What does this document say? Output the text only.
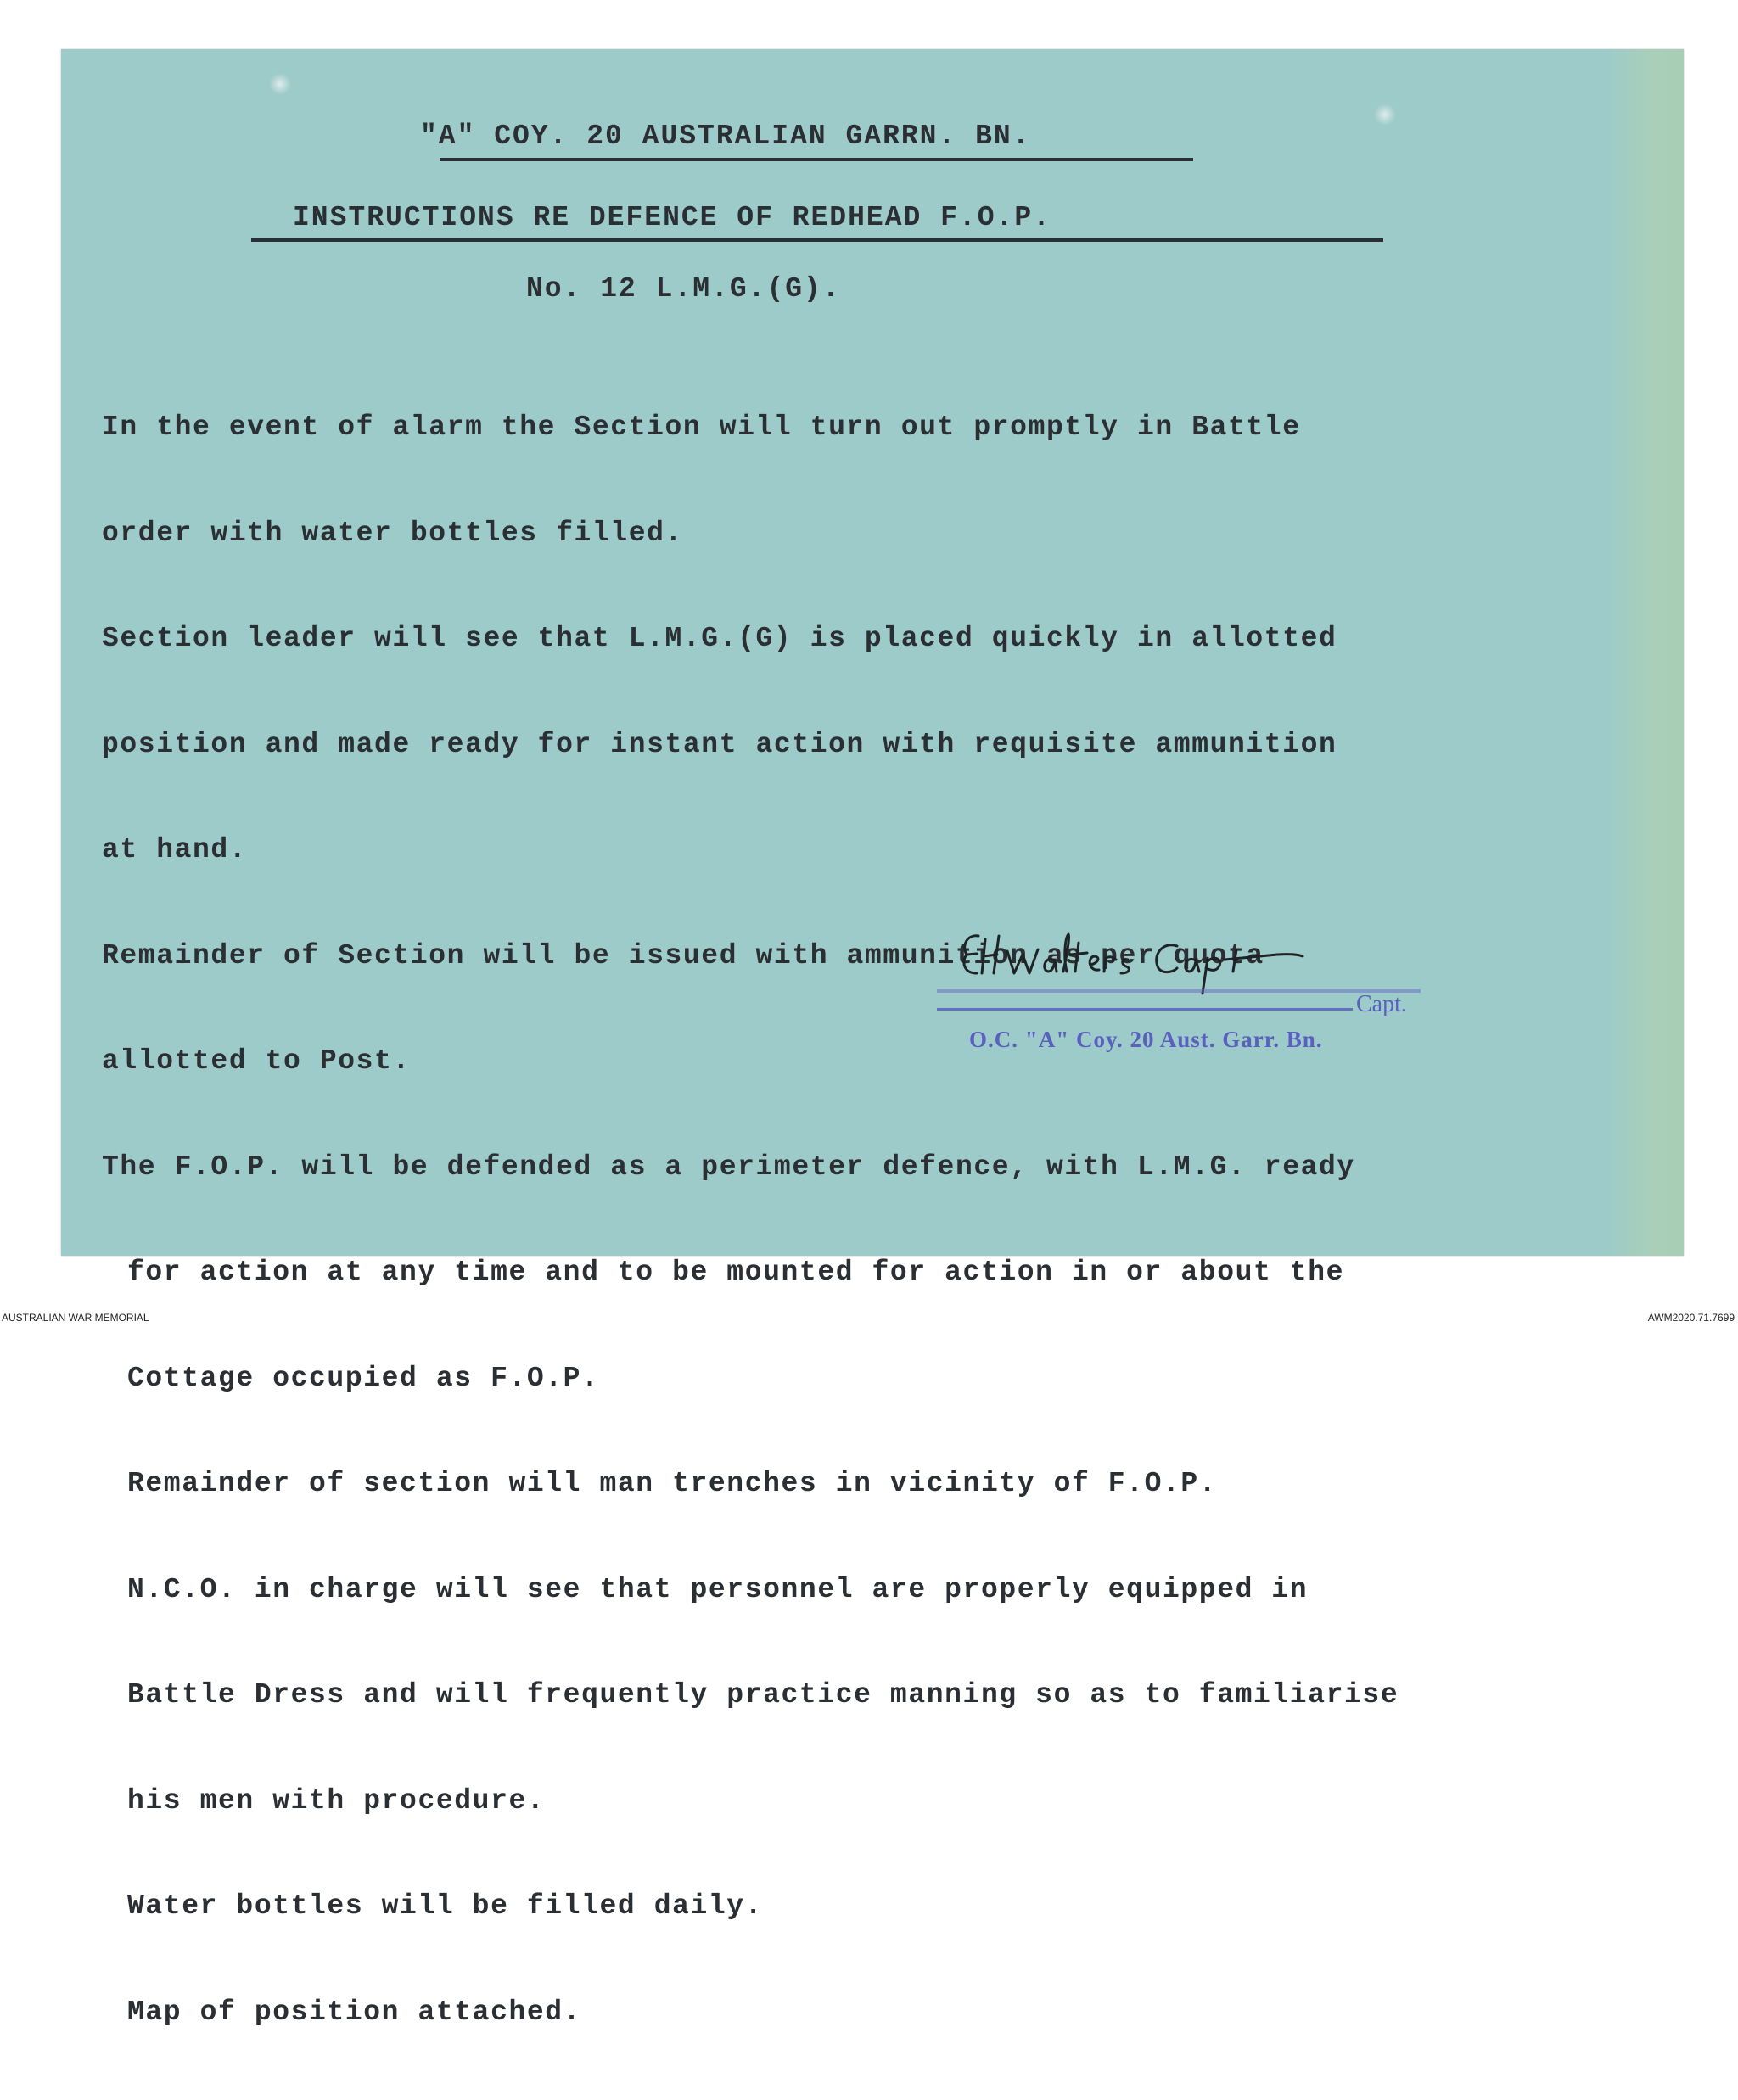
"A" COY. 20 AUSTRALIAN GARRN. BN.
INSTRUCTIONS RE DEFENCE OF REDHEAD F.O.P.
No. 12 L.M.G.(G).

In the event of alarm the Section will turn out promptly in Battle

order with water bottles filled.

Section leader will see that L.M.G.(G) is placed quickly in allotted

position and made ready for instant action with requisite ammunition

at hand.

Remainder of Section will be issued with ammunition as per quota

allotted to Post.

The F.O.P. will be defended as a perimeter defence, with L.M.G. ready

for action at any time and to be mounted for action in or about the

Cottage occupied as F.O.P.

Remainder of section will man trenches in vicinity of F.O.P.

N.C.O. in charge will see that personnel are properly equipped in

Battle Dress and will frequently practice manning so as to familiarise

his men with procedure.

Water bottles will be filled daily.

Map of position attached.

Capt.
O.C. "A" Coy. 20 Aust. Garr. Bn.
AUSTRALIAN WAR MEMORIAL	AWM2020.71.7699
